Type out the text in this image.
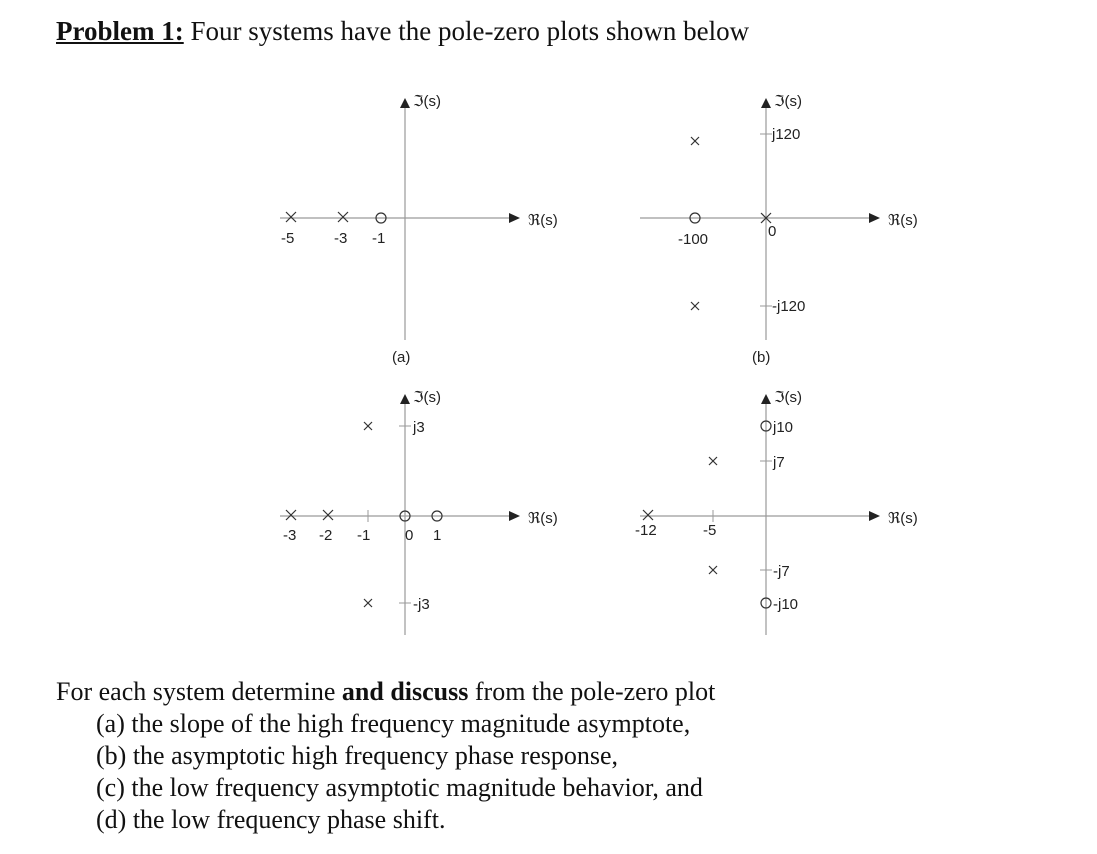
Problem 1: Four systems have the pole-zero plots shown below
ℑ(s)
ℜ(s)
-5	-3 -1
(a)
ℑ(s)
ℜ(s)
-100	0
j120
-j120
(b)
ℑ(s)
ℜ(s)
-3 -2 -1 0 1
j3
-j3
ℑ(s)
ℜ(s)
-12	-5
j10
j7
-j7
-j10
For each system determine and discuss from the pole-zero plot
(a) the slope of the high frequency magnitude asymptote,
(b) the asymptotic high frequency phase response,
(c) the low frequency asymptotic magnitude behavior, and
(d) the low frequency phase shift.
